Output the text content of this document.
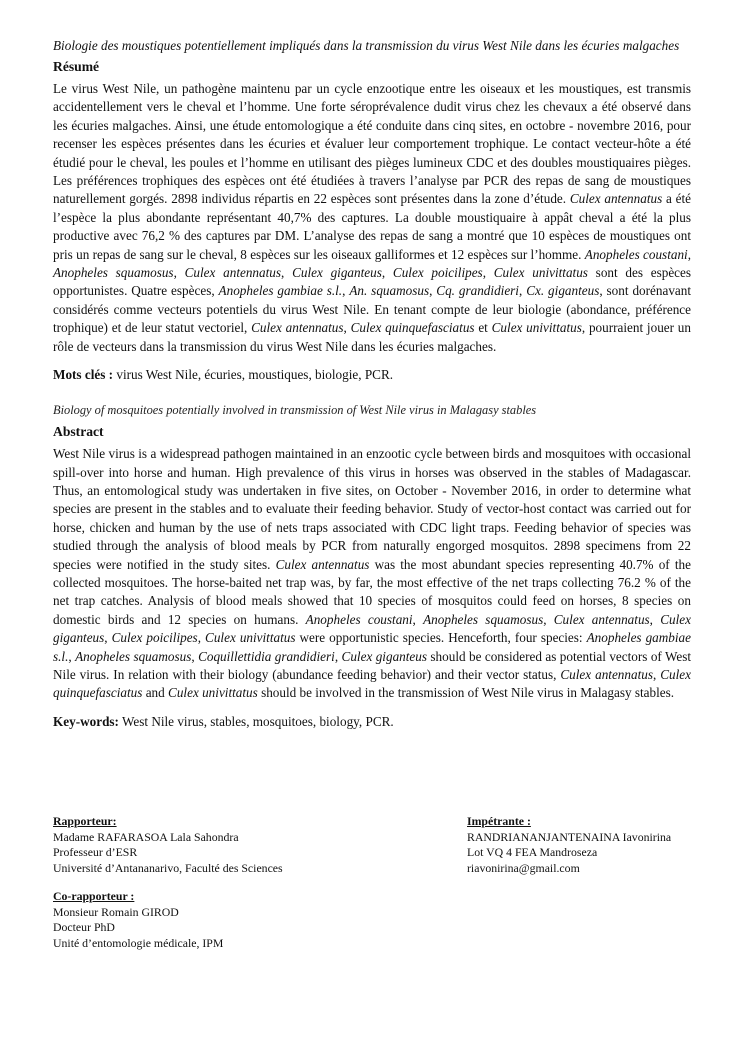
Biologie des moustiques potentiellement impliqués dans la transmission du virus West Nile dans les écuries malgaches

Résumé

Le virus West Nile, un pathogène maintenu par un cycle enzootique entre les oiseaux et les moustiques, est transmis accidentellement vers le cheval et l’homme. Une forte séroprévalence dudit virus chez les chevaux a été observé dans les écuries malgaches. Ainsi, une étude entomologique a été conduite dans cinq sites, en octobre - novembre 2016, pour recenser les espèces présentes dans les écuries et évaluer leur comportement trophique. Le contact vecteur-hôte a été étudié pour le cheval, les poules et l’homme en utilisant des pièges lumineux CDC et des doubles moustiquaires pièges. Les préférences trophiques des espèces ont été étudiées à travers l’analyse par PCR des repas de sang de moustiques naturellement gorgés. 2898 individus répartis en 22 espèces sont présentes dans la zone d’étude. Culex antennatus a été l’espèce la plus abondante représentant 40,7% des captures. La double moustiquaire à appât cheval a été la plus productive avec 76,2 % des captures par DM. L’analyse des repas de sang a montré que 10 espèces de moustiques ont pris un repas de sang sur le cheval, 8 espèces sur les oiseaux galliformes et 12 espèces sur l’homme. Anopheles coustani, Anopheles squamosus, Culex antennatus, Culex giganteus, Culex poicilipes, Culex univittatus sont des espèces opportunistes. Quatre espèces, Anopheles gambiae s.l., An. squamosus, Cq. grandidieri, Cx. giganteus, sont dorénavant considérés comme vecteurs potentiels du virus West Nile. En tenant compte de leur biologie (abondance, préférence trophique) et de leur statut vectoriel, Culex antennatus, Culex quinquefasciatus et Culex univittatus, pourraient jouer un rôle de vecteurs dans la transmission du virus West Nile dans les écuries malgaches.

Mots clés : virus West Nile, écuries, moustiques, biologie, PCR.

Biology of mosquitoes potentially involved in transmission of West Nile virus in Malagasy stables

Abstract

West Nile virus is a widespread pathogen maintained in an enzootic cycle between birds and mosquitoes with occasional spill-over into horse and human. High prevalence of this virus in horses was observed in the stables of Madagascar. Thus, an entomological study was undertaken in five sites, on October - November 2016, in order to determine what species are present in the stables and to evaluate their feeding behavior. Study of vector-host contact was carried out for horse, chicken and human by the use of nets traps associated with CDC light traps. Feeding behavior of species was studied through the analysis of blood meals by PCR from naturally engorged mosquitos. 2898 specimens from 22 species were notified in the study sites. Culex antennatus was the most abundant species representing 40.7% of the collected mosquitoes. The horse-baited net trap was, by far, the most effective of the net traps collecting 76.2 % of the net trap catches. Analysis of blood meals showed that 10 species of mosquitos could feed on horses, 8 species on domestic birds and 12 species on humans. Anopheles coustani, Anopheles squamosus, Culex antennatus, Culex giganteus, Culex poicilipes, Culex univittatus were opportunistic species. Henceforth, four species: Anopheles gambiae s.l., Anopheles squamosus, Coquillettidia grandidieri, Culex giganteus should be considered as potential vectors of West Nile virus. In relation with their biology (abundance feeding behavior) and their vector status, Culex antennatus, Culex quinquefasciatus and Culex univittatus should be involved in the transmission of West Nile virus in Malagasy stables.

Key-words: West Nile virus, stables, mosquitoes, biology, PCR.

Rapporteur:
Madame RAFARASOA Lala Sahondra
Professeur d’ESR
Université d’Antananarivo, Faculté des Sciences
Co-rapporteur :
Monsieur Romain GIROD
Docteur PhD
Unité d’entomologie médicale, IPM
Impétrante :
RANDRIANANJANTENAINA Iavonirina
Lot VQ 4 FEA Mandroseza
riavonirina@gmail.com
